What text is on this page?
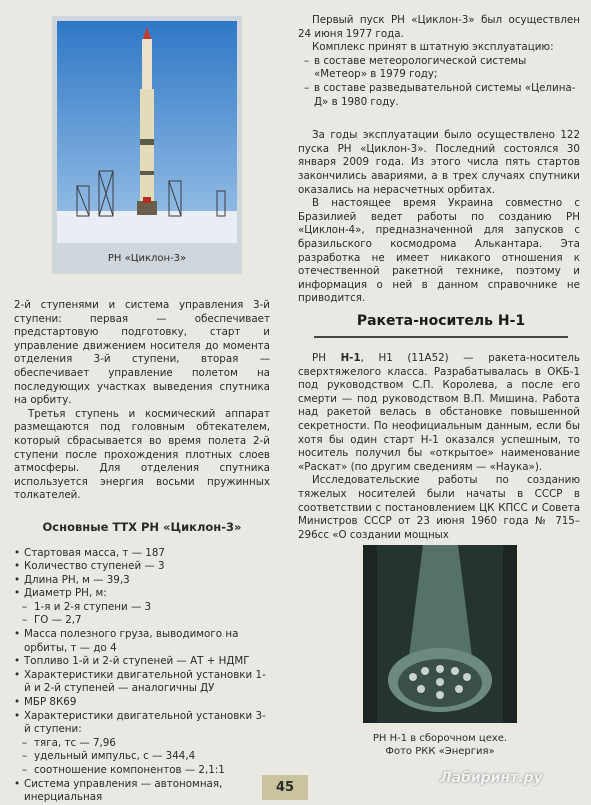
РН «Циклон-3»

2-й ступенями и система управления 3-й ступени: первая — обеспечивает предстартовую подготовку, старт и управление движением носителя до момента отделения 3-й ступени, вторая — обеспечивает управление полетом на последующих участках выведения спутника на орбиту.

Третья ступень и космический аппарат размещаются под головным обтекателем, который сбрасывается во время полета 2-й ступени после прохождения плотных слоев атмосферы. Для отделения спутника используется энергия восьми пружинных толкателей.

Основные ТТХ РН «Циклон-3»

• Стартовая масса, т — 187
• Количество ступеней — 3
• Длина РН, м — 39,3
• Диаметр РН, м:
– 1-я и 2-я ступени — 3
– ГО — 2,7
• Масса полезного груза, выводимого на орбиты, т — до 4
• Топливо 1-й и 2-й ступеней — АТ + НДМГ
• Характеристики двигательной установки 1-й и 2-й ступеней — аналогичны ДУ
• МБР 8К69
• Характеристики двигательной установки 3-й ступени:
– тяга, тс — 7,96
– удельный импульс, с — 344,4
– соотношение компонентов — 2,1:1
• Система управления — автономная, инерциальная

Первый пуск РН «Циклон-3» был осуществлен 24 июня 1977 года.

Комплекс принят в штатную эксплуатацию:

– в составе метеорологической системы «Метеор» в 1979 году;
– в составе разведывательной системы «Целина-Д» в 1980 году.

За годы эксплуатации было осуществлено 122 пуска РН «Циклон-3». Последний состоялся 30 января 2009 года. Из этого числа пять стартов закончились авариями, а в трех случаях спутники оказались на нерасчетных орбитах.

В настоящее время Украина совместно с Бразилией ведет работы по созданию РН «Циклон-4», предназначенной для запусков с бразильского космодрома Алькантара. Эта разработка не имеет никакого отношения к отечественной ракетной технике, поэтому и информация о ней в данном справочнике не приводится.

Ракета-носитель Н-1

РН Н-1, Н1 (11А52) — ракета-носитель сверхтяжелого класса. Разрабатывалась в ОКБ-1 под руководством С.П. Королева, а после его смерти — под руководством В.П. Мишина. Работа над ракетой велась в обстановке повышенной секретности. По неофициальным данным, если бы хотя бы один старт Н-1 оказался успешным, то носитель получил бы «открытое» наименование «Раскат» (по другим сведениям — «Наука»).

Исследовательские работы по созданию тяжелых носителей были начаты в СССР в соответствии с постановлением ЦК КПСС и Совета Министров СССР от 23 июня 1960 года № 715–296сс «О создании мощных

РН Н-1 в сборочном цехе.
Фото РКК «Энергия»
45
Лабиринт.ру
